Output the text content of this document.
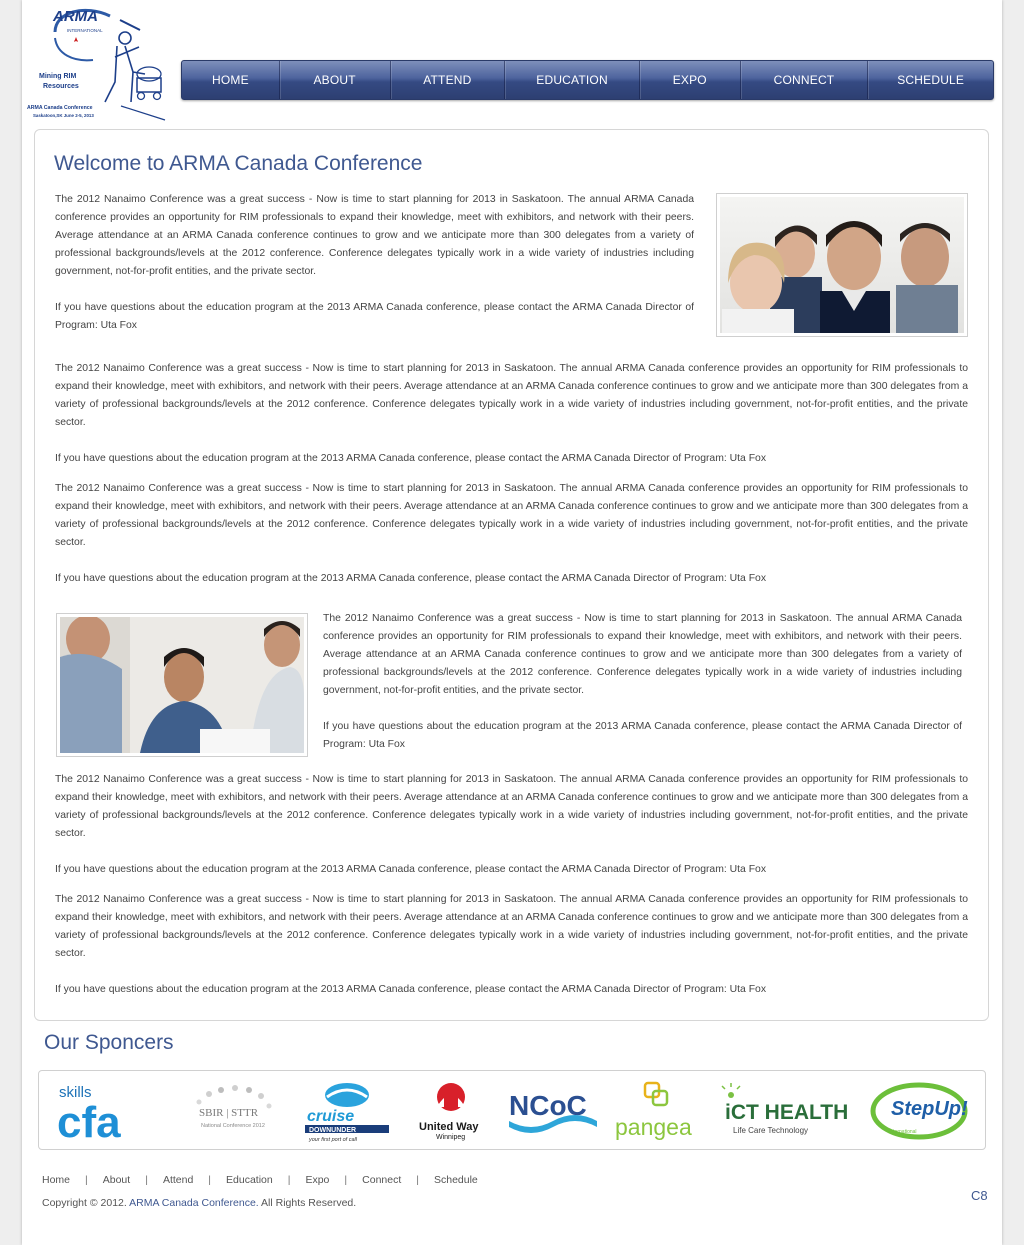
ARMA
INTERNATIONAL
Mining RIM
Resources
ARMA Canada Conference
Saskatoon,SK June 2-5, 2013
HOME	ABOUT	ATTEND	EDUCATION	EXPO	CONNECT	SCHEDULE
Welcome to ARMA Canada Conference

The 2012 Nanaimo Conference was a great success - Now is time to start planning for 2013 in Saskatoon. The annual ARMA Canada conference provides an opportunity for RIM professionals to expand their knowledge, meet with exhibitors, and network with their peers. Average attendance at an ARMA Canada conference continues to grow and we anticipate more than 300 delegates from a variety of professional backgrounds/levels at the 2012 conference. Conference delegates typically work in a wide variety of industries including government, not-for-profit entities, and the private sector.

If you have questions about the education program at the 2013 ARMA Canada conference, please contact the ARMA Canada Director of Program: Uta Fox

The 2012 Nanaimo Conference was a great success - Now is time to start planning for 2013 in Saskatoon. The annual ARMA Canada conference provides an opportunity for RIM professionals to expand their knowledge, meet with exhibitors, and network with their peers. Average attendance at an ARMA Canada conference continues to grow and we anticipate more than 300 delegates from a variety of professional backgrounds/levels at the 2012 conference. Conference delegates typically work in a wide variety of industries including government, not-for-profit entities, and the private sector.

If you have questions about the education program at the 2013 ARMA Canada conference, please contact the ARMA Canada Director of Program: Uta Fox

The 2012 Nanaimo Conference was a great success - Now is time to start planning for 2013 in Saskatoon. The annual ARMA Canada conference provides an opportunity for RIM professionals to expand their knowledge, meet with exhibitors, and network with their peers. Average attendance at an ARMA Canada conference continues to grow and we anticipate more than 300 delegates from a variety of professional backgrounds/levels at the 2012 conference. Conference delegates typically work in a wide variety of industries including government, not-for-profit entities, and the private sector.

If you have questions about the education program at the 2013 ARMA Canada conference, please contact the ARMA Canada Director of Program: Uta Fox

The 2012 Nanaimo Conference was a great success - Now is time to start planning for 2013 in Saskatoon. The annual ARMA Canada conference provides an opportunity for RIM professionals to expand their knowledge, meet with exhibitors, and network with their peers. Average attendance at an ARMA Canada conference continues to grow and we anticipate more than 300 delegates from a variety of professional backgrounds/levels at the 2012 conference. Conference delegates typically work in a wide variety of industries including government, not-for-profit entities, and the private sector.

If you have questions about the education program at the 2013 ARMA Canada conference, please contact the ARMA Canada Director of Program: Uta Fox

The 2012 Nanaimo Conference was a great success - Now is time to start planning for 2013 in Saskatoon. The annual ARMA Canada conference provides an opportunity for RIM professionals to expand their knowledge, meet with exhibitors, and network with their peers. Average attendance at an ARMA Canada conference continues to grow and we anticipate more than 300 delegates from a variety of professional backgrounds/levels at the 2012 conference. Conference delegates typically work in a wide variety of industries including government, not-for-profit entities, and the private sector.

If you have questions about the education program at the 2013 ARMA Canada conference, please contact the ARMA Canada Director of Program: Uta Fox

The 2012 Nanaimo Conference was a great success - Now is time to start planning for 2013 in Saskatoon. The annual ARMA Canada conference provides an opportunity for RIM professionals to expand their knowledge, meet with exhibitors, and network with their peers. Average attendance at an ARMA Canada conference continues to grow and we anticipate more than 300 delegates from a variety of professional backgrounds/levels at the 2012 conference. Conference delegates typically work in a wide variety of industries including government, not-for-profit entities, and the private sector.

If you have questions about the education program at the 2013 ARMA Canada conference, please contact the ARMA Canada Director of Program: Uta Fox

Our Sponcers
skills
cfa	SBIR | STTR
National Conference 2012
cruise
DOWNUNDER
your first port of call
United Way
Winnipeg
NCoC
pangea
iCT HEALTH
Life Care Technology
StepUp!
International
Home | About | Attend | Education | Expo | Connect | Schedule
Copyright © 2012. ARMA Canada Conference. All Rights Reserved.	C8
